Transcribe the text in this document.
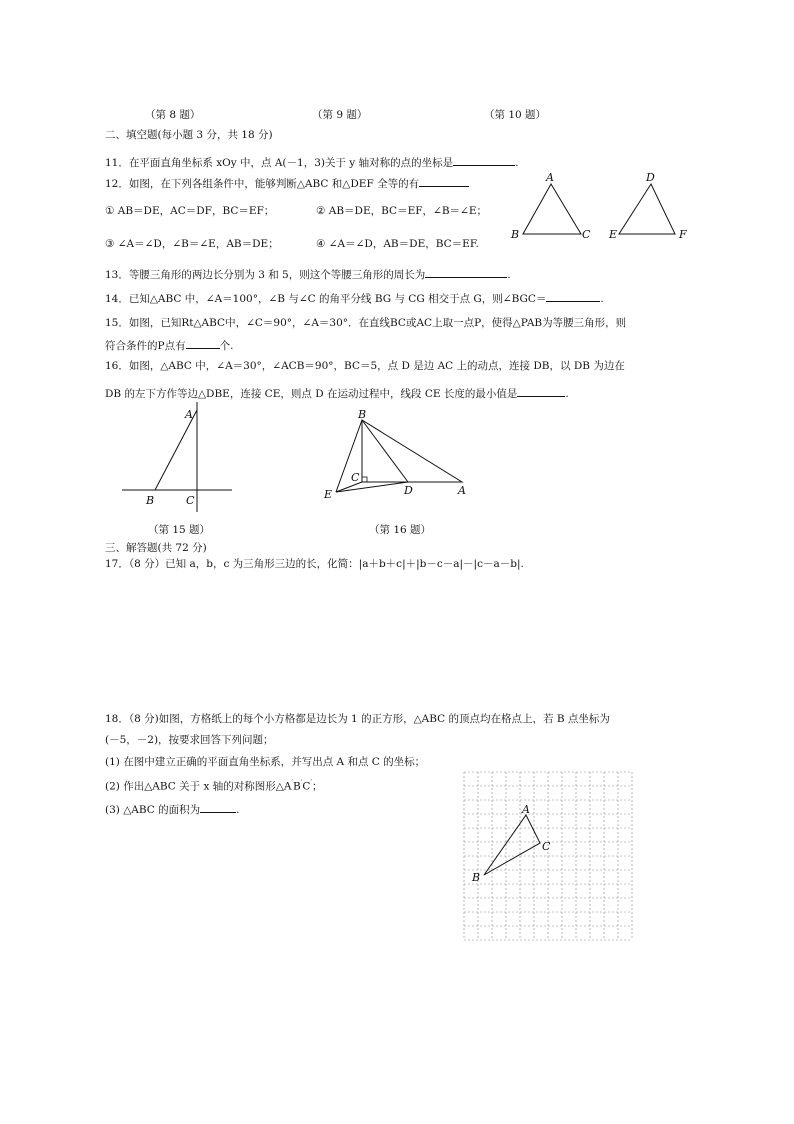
（第 8 题）	（第 9 题）	（第 10 题）
二、填空题(每小题 3 分，共 18 分)
11．在平面直角坐标系 xOy 中，点 A(－1，3)关于 y 轴对称的点的坐标是	.
12．如图，在下列各组条件中，能够判断△ABC 和△DEF 全等的有
① AB＝DE，AC＝DF，BC＝EF；	② AB＝DE，BC＝EF，∠B＝∠E；
③ ∠A＝∠D，∠B＝∠E，AB＝DE；	④ ∠A＝∠D，AB＝DE，BC＝EF.
A
B	C
D
E	F
13．等腰三角形的两边长分别为 3 和 5，则这个等腰三角形的周长为	.
14．已知△ABC 中，∠A＝100°，∠B 与∠C 的角平分线 BG 与 CG 相交于点 G，则∠BGC＝	.
15．如图，已知Rt△ABC中，∠C＝90°，∠A＝30°．在直线BC或AC上取一点P，使得△PAB为等腰三角形，则
符合条件的P点有	个.
16．如图，△ABC 中，∠A＝30°，∠ACB＝90°，BC＝5，点 D 是边 AC 上的动点，连接 DB，以 DB 为边在
DB 的左下方作等边△DBE，连接 CE，则点 D 在运动过程中，线段 CE 长度的最小值是	.
A
B	C
B
C
D	A
E
（第 15 题）	（第 16 题）
三、解答题(共 72 分)
17．（8 分）已知 a，b，c 为三角形三边的长，化简：|a＋b＋c|＋|b－c－a|－|c－a－b|.
18．（8 分)如图，方格纸上的每个小方格都是边长为 1 的正方形，△ABC 的顶点均在格点上，若 B 点坐标为
(－5，－2)，按要求回答下列问题；
(1) 在图中建立正确的平面直角坐标系，并写出点 A 和点 C 的坐标；
(2) 作出△ABC 关于 x 轴的对称图形△A′B′C′；
(3) △ABC 的面积为	.	A
C
B
